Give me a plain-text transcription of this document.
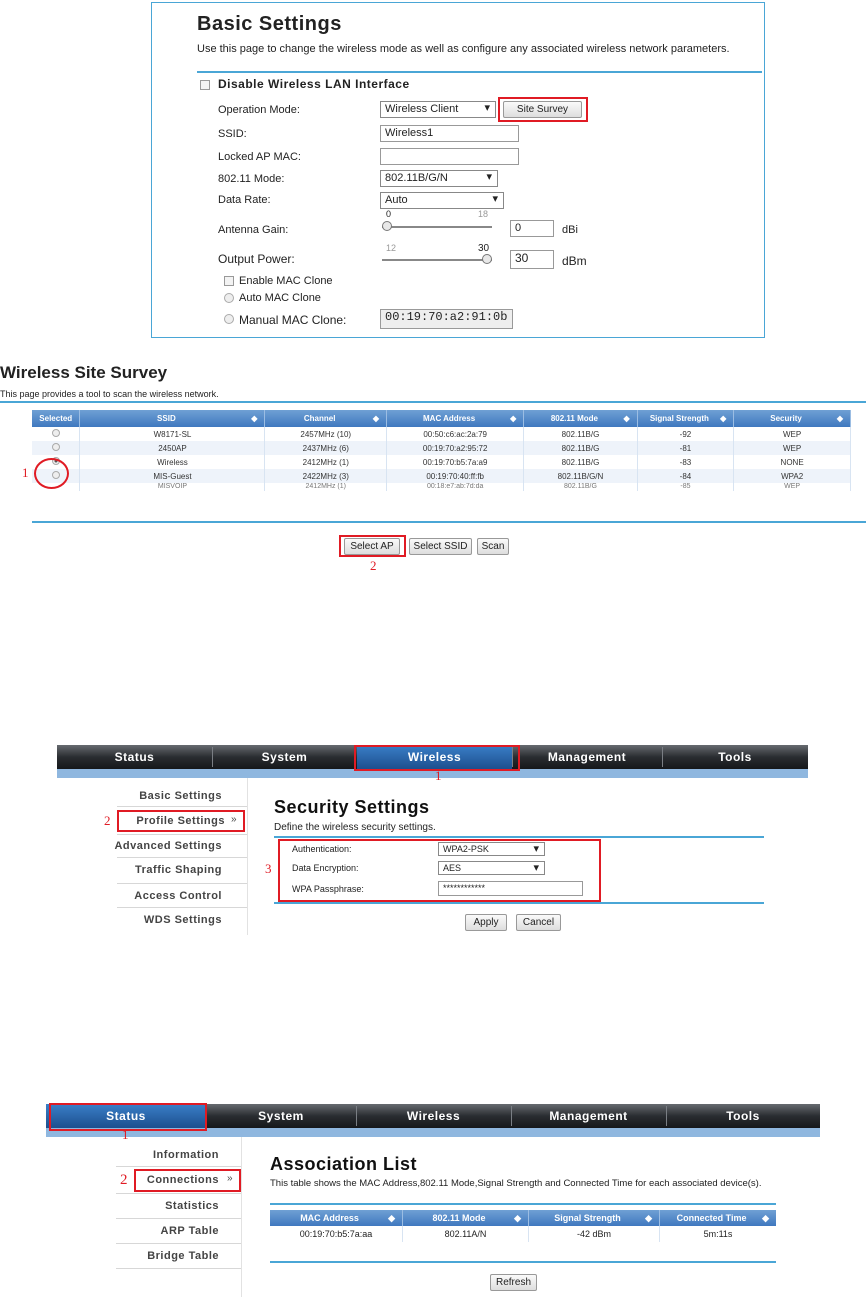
Basic Settings
Use this page to change the wireless mode as well as configure any associated wireless network parameters.
Disable Wireless LAN Interface
Operation Mode:	Wireless Client ▾	Site Survey
SSID:	Wireless1
Locked AP MAC:
802.11 Mode:	802.11B/G/N ▾
Data Rate:	Auto ▾
0	18
Antenna Gain:	0	dBi
12	30
Output Power:	30	dBm
Enable MAC Clone
Auto MAC Clone
Manual MAC Clone:	00:19:70:a2:91:0b
Wireless Site Survey
This page provides a tool to scan the wireless network.
Selected	SSID ◆	Channel ◆	MAC Address ◆	802.11 Mode ◆	Signal Strength ◆	Security ◆

	W8171-SL	2457MHz (10)	00:50:c6:ac:2a:79	802.11B/G	-92	WEP
	2450AP	2437MHz (6)	00:19:70:a2:95:72	802.11B/G	-81	WEP
	Wireless	2412MHz (1)	00:19:70:b5:7a:a9	802.11B/G	-83	NONE
	MIS-Guest	2422MHz (3)	00:19:70:40:ff:fb	802.11B/G/N	-84	WPA2
	MISVOIP	2412MHz (1)	00:18:e7:ab:7d:da	802.11B/G	-85	WEP
1
Select AP	Select SSID	Scan
2
Status	System	Wireless	Management	Tools
1
Basic Settings
Profile Settings »
2
Advanced Settings
Traffic Shaping
Access Control
WDS Settings
Security Settings
Define the wireless security settings.
3
Authentication:	WPA2-PSK ▾
Data Encryption:	AES ▾
WPA Passphrase:	************
Apply	Cancel
Status	System	Wireless	Management	Tools
1
Information
Connections »
2
Statistics
ARP Table
Bridge Table
Association List
This table shows the MAC Address,802.11 Mode,Signal Strength and Connected Time for each associated device(s).
MAC Address ◆	802.11 Mode ◆	Signal Strength ◆	Connected Time ◆

00:19:70:b5:7a:aa	802.11A/N	-42 dBm	5m:11s
Refresh
